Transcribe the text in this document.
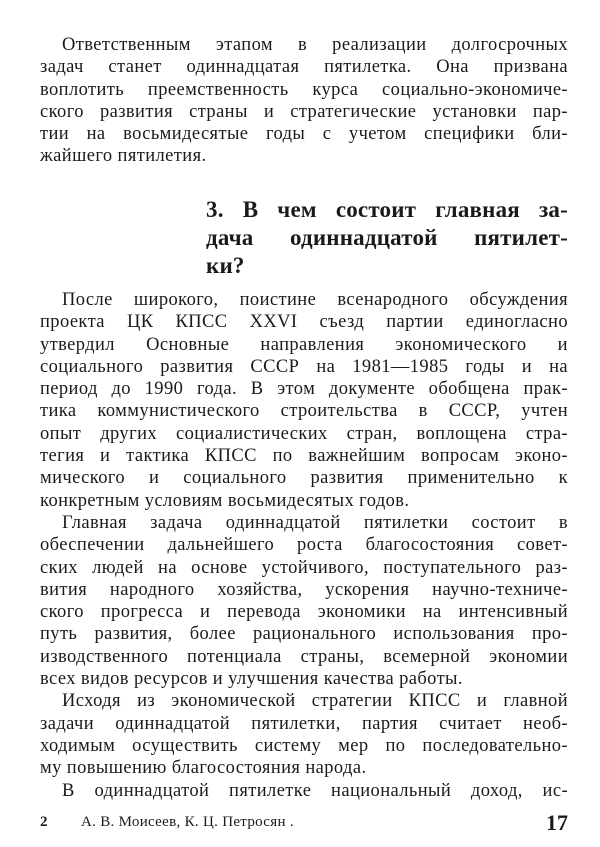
Ответственным этапом в реализации долгосрочных
задач станет одиннадцатая пятилетка. Она призвана
воплотить преемственность курса социально-экономиче-
ского развития страны и стратегические установки пар-
тии на восьмидесятые годы с учетом специфики бли-
жайшего пятилетия.
3. В чем состоит главная за-
дача одиннадцатой пятилет-
ки?
После широкого, поистине всенародного обсуждения
проекта ЦК КПСС XXVI съезд партии единогласно
утвердил Основные направления экономического и
социального развития СССР на 1981—1985 годы и на
период до 1990 года. В этом документе обобщена прак-
тика коммунистического строительства в СССР, учтен
опыт других социалистических стран, воплощена стра-
тегия и тактика КПСС по важнейшим вопросам эконо-
мического и социального развития применительно к
конкретным условиям восьмидесятых годов.
Главная задача одиннадцатой пятилетки состоит в
обеспечении дальнейшего роста благосостояния совет-
ских людей на основе устойчивого, поступательного раз-
вития народного хозяйства, ускорения научно-техниче-
ского прогресса и перевода экономики на интенсивный
путь развития, более рационального использования про-
изводственного потенциала страны, всемерной экономии
всех видов ресурсов и улучшения качества работы.
Исходя из экономической стратегии КПСС и главной
задачи одиннадцатой пятилетки, партия считает необ-
ходимым осуществить систему мер по последовательно-
му повышению благосостояния народа.
В одиннадцатой пятилетке национальный доход, ис-
2 А. В. Моисеев, К. Ц. Петросян .	17
